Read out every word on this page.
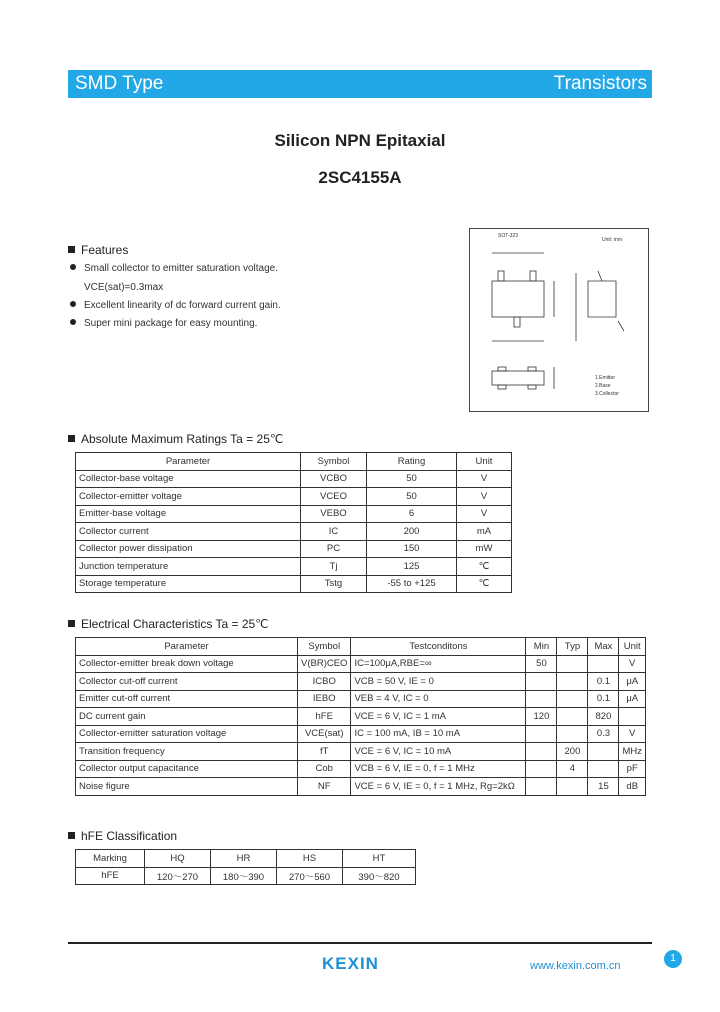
SMD Type	Transistors
Silicon NPN Epitaxial
2SC4155A
Features
Small collector to emitter saturation voltage.
VCE(sat)=0.3max
Excellent linearity of dc forward current gain.
Super mini package for easy mounting.
SOT-323
Unit: mm
1.Emitter
2.Base
3.Collector
Absolute Maximum Ratings Ta = 25℃
Parameter	Symbol	Rating	Unit
Collector-base voltage	VCBO	50	V
Collector-emitter voltage	VCEO	50	V
Emitter-base voltage	VEBO	6	V
Collector current	IC	200	mA
Collector power dissipation	PC	150	mW
Junction temperature	Tj	125	℃
Storage temperature	Tstg	-55 to +125	℃
Electrical Characteristics Ta = 25℃
Parameter	Symbol	Testconditons	Min	Typ	Max	Unit
Collector-emitter break down voltage	V(BR)CEO	IC=100μA,RBE=∞	50			V
Collector cut-off current	ICBO	VCB = 50 V, IE = 0			0.1	μA
Emitter cut-off current	IEBO	VEB = 4 V, IC = 0			0.1	μA
DC current gain	hFE	VCE = 6 V, IC = 1 mA	120		820	
Collector-emitter saturation voltage	VCE(sat)	IC = 100 mA, IB = 10 mA			0.3	V
Transition frequency	fT	VCE = 6 V, IC = 10 mA		200		MHz
Collector output capacitance	Cob	VCB = 6 V, IE = 0, f = 1 MHz		4		pF
Noise figure	NF	VCE = 6 V, IE = 0, f = 1 MHz, Rg=2kΩ			15	dB
hFE Classification
Marking	HQ	HR	HS	HT
hFE	120～270	180～390	270～560	390～820
KEXIN	www.kexin.com.cn
1
